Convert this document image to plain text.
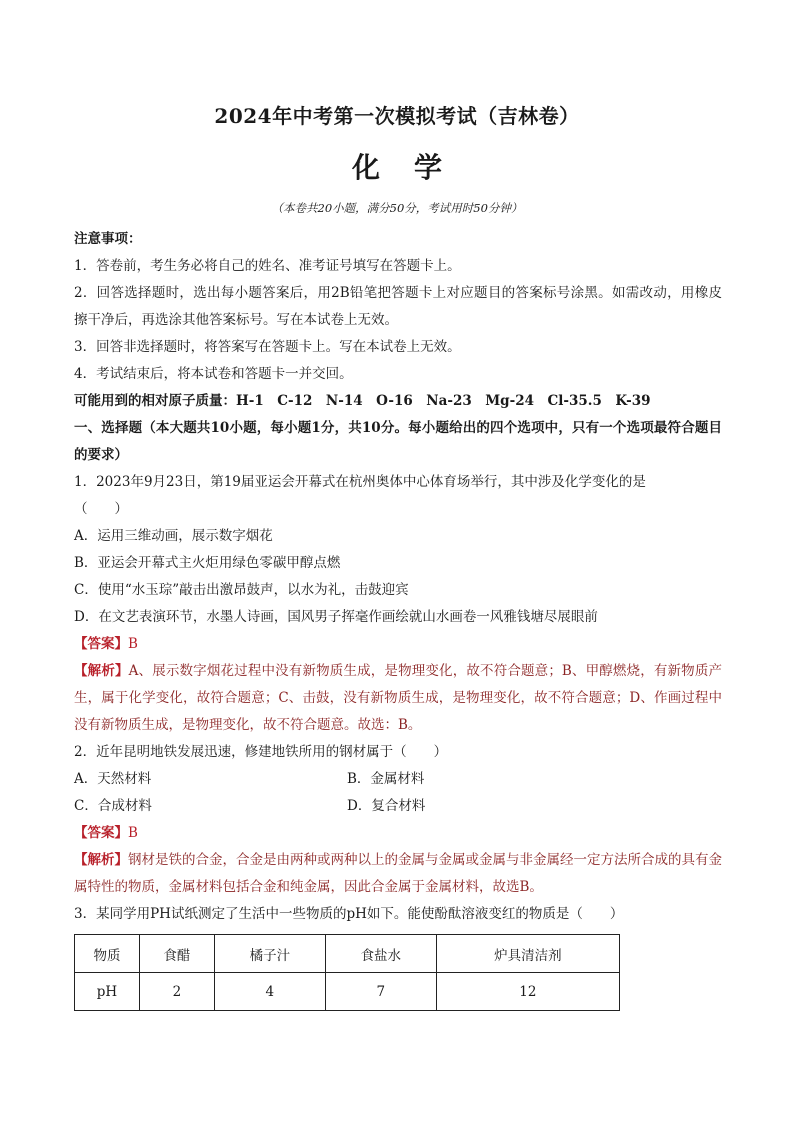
2024年中考第一次模拟考试（吉林卷）
化学
（本卷共20小题，满分50分，考试用时50分钟）
注意事项：
1．答卷前，考生务必将自己的姓名、准考证号填写在答题卡上。
2．回答选择题时，选出每小题答案后，用2B铅笔把答题卡上对应题目的答案标号涂黑。如需改动，用橡皮擦干净后，再选涂其他答案标号。写在本试卷上无效。
3．回答非选择题时，将答案写在答题卡上。写在本试卷上无效。
4．考试结束后，将本试卷和答题卡一并交回。
可能用到的相对原子质量：H-1　C-12　N-14　O-16　Na-23　Mg-24　Cl-35.5　K-39
一、选择题（本大题共10小题，每小题1分，共10分。每小题给出的四个选项中，只有一个选项最符合题目的要求）
1．2023年9月23日，第19届亚运会开幕式在杭州奥体中心体育场举行，其中涉及化学变化的是
（　　）
A．运用三维动画，展示数字烟花
B．亚运会开幕式主火炬用绿色零碳甲醇点燃
C．使用“水玉琮”敲击出激昂鼓声，以水为礼，击鼓迎宾
D．在文艺表演环节，水墨人诗画，国风男子挥毫作画绘就山水画卷一风雅钱塘尽展眼前
【答案】B
【解析】A、展示数字烟花过程中没有新物质生成，是物理变化，故不符合题意；B、甲醇燃烧，有新物质产生，属于化学变化，故符合题意；C、击鼓，没有新物质生成，是物理变化，故不符合题意；D、作画过程中没有新物质生成，是物理变化，故不符合题意。故选：B。
2．近年昆明地铁发展迅速，修建地铁所用的钢材属于（　　）
A．天然材料	B．金属材料
C．合成材料	D．复合材料
【答案】B
【解析】钢材是铁的合金，合金是由两种或两种以上的金属与金属或金属与非金属经一定方法所合成的具有金属特性的物质，金属材料包括合金和纯金属，因此合金属于金属材料，故选B。
3．某同学用PH试纸测定了生活中一些物质的pH如下。能使酚酞溶液变红的物质是（　　）
物质	食醋	橘子汁	食盐水	炉具清洁剂
pH	2	4	7	12
